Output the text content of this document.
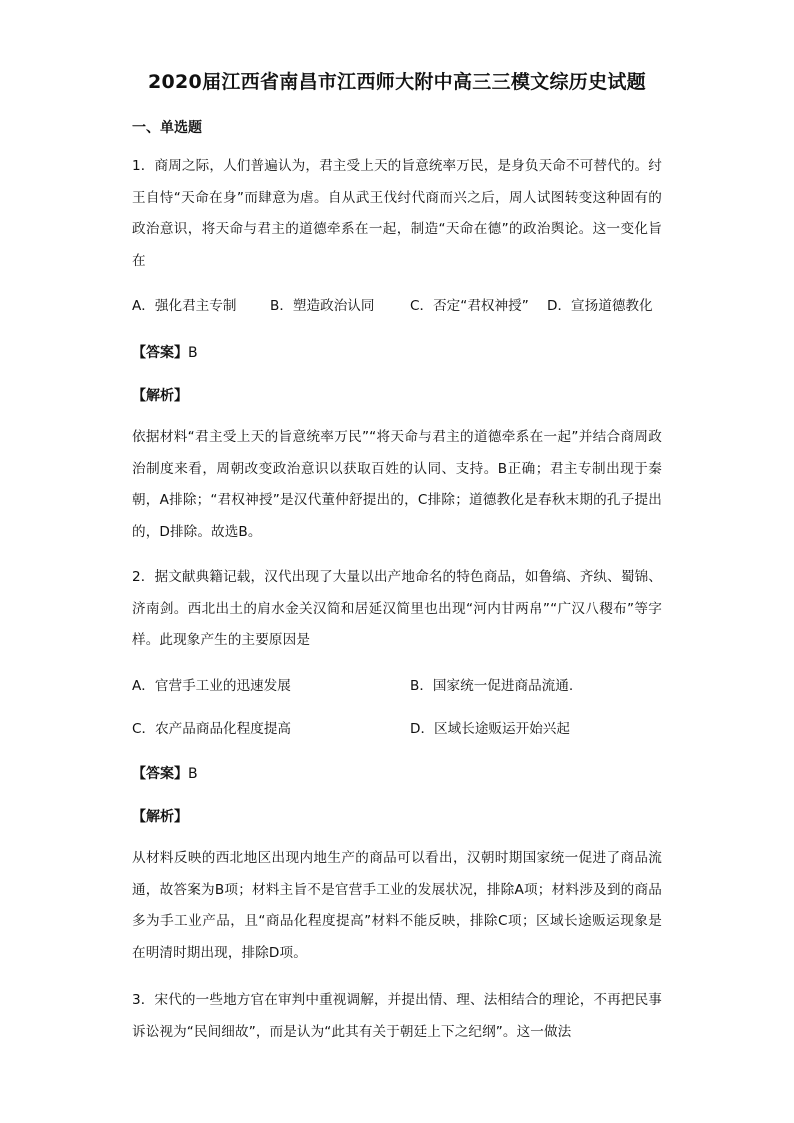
2020届江西省南昌市江西师大附中高三三模文综历史试题
一、单选题
1．商周之际，人们普遍认为，君主受上天的旨意统率万民，是身负天命不可替代的。纣王自恃“天命在身”而肆意为虐。自从武王伐纣代商而兴之后，周人试图转变这种固有的政治意识，将天命与君主的道德牵系在一起，制造“天命在德”的政治舆论。这一变化旨在
A．强化君主专制 B．塑造政治认同	C．否定“君权神授” D．宣扬道德教化
【答案】B
【解析】
依据材料“君主受上天的旨意统率万民”“将天命与君主的道德牵系在一起”并结合商周政治制度来看，周朝改变政治意识以获取百姓的认同、支持。B正确；君主专制出现于秦朝，A排除；“君权神授”是汉代董仲舒提出的，C排除；道德教化是春秋末期的孔子提出的，D排除。故选B。
2．据文献典籍记载，汉代出现了大量以出产地命名的特色商品，如鲁缟、齐纨、蜀锦、济南剑。西北出土的肩水金关汉简和居延汉简里也出现“河内甘两帛”“广汉八稷布”等字样。此现象产生的主要原因是
A．官营手工业的迅速发展	B．国家统一促进商品流通.
C．农产品商品化程度提高	D．区域长途贩运开始兴起
【答案】B
【解析】
从材料反映的西北地区出现内地生产的商品可以看出，汉朝时期国家统一促进了商品流通，故答案为B项；材料主旨不是官营手工业的发展状况，排除A项；材料涉及到的商品多为手工业产品，且“商品化程度提高”材料不能反映，排除C项；区域长途贩运现象是在明清时期出现，排除D项。
3．宋代的一些地方官在审判中重视调解，并提出情、理、法相结合的理论，不再把民事诉讼视为“民间细故”，而是认为“此其有关于朝廷上下之纪纲”。这一做法
